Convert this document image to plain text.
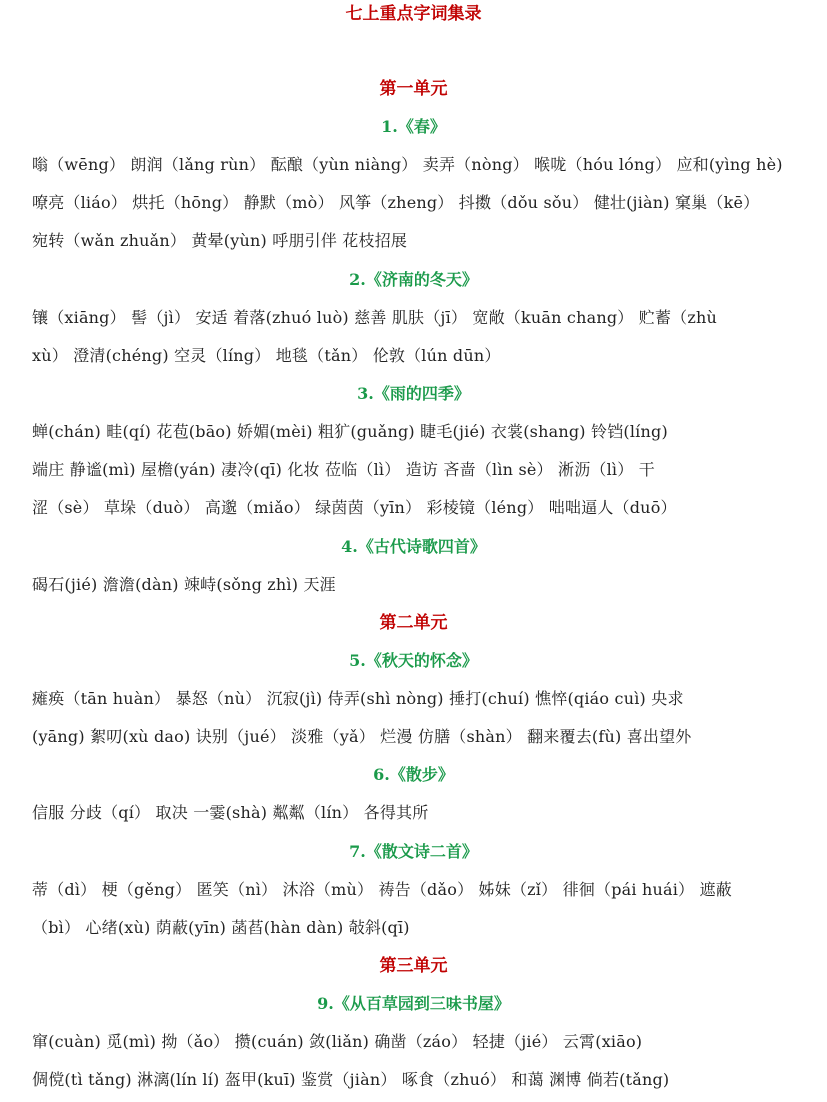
七上重点字词集录
第一单元
1.《春》
嗡（wēng） 朗润（lǎng rùn） 酝酿（yùn niàng） 卖弄（nòng） 喉咙（hóu lóng） 应和(yìng hè)
嘹亮（liáo） 烘托（hōng） 静默（mò） 风筝（zheng） 抖擞（dǒu sǒu） 健壮(jiàn) 窠巢（kē）
宛转（wǎn zhuǎn） 黄晕(yùn) 呼朋引伴 花枝招展
2.《济南的冬天》
镶（xiāng） 髻（jì） 安适 着落(zhuó luò) 慈善 肌肤（jī） 宽敞（kuān chang） 贮蓄（zhù
xù） 澄清(chéng) 空灵（líng） 地毯（tǎn） 伦敦（lún dūn）
3.《雨的四季》
蝉(chán) 畦(qí) 花苞(bāo) 娇媚(mèi) 粗犷(guǎng) 睫毛(jié) 衣裳(shang) 铃铛(líng)
端庄 静谧(mì) 屋檐(yán) 凄冷(qī) 化妆 莅临（lì） 造访 吝啬（lìn sè） 淅沥（lì） 干
涩（sè） 草垛（duò） 高邈（miǎo） 绿茵茵（yīn） 彩棱镜（léng） 咄咄逼人（duō）
4.《古代诗歌四首》
碣石(jié) 澹澹(dàn) 竦峙(sǒng zhì) 天涯
第二单元
5.《秋天的怀念》
瘫痪（tān huàn） 暴怒（nù） 沉寂(jì) 侍弄(shì nòng) 捶打(chuí) 憔悴(qiáo cuì) 央求
(yāng) 絮叨(xù dao) 诀别（jué） 淡雅（yǎ） 烂漫 仿膳（shàn） 翻来覆去(fù) 喜出望外
6.《散步》
信服 分歧（qí） 取决 一霎(shà) 粼粼（lín） 各得其所
7.《散文诗二首》
蒂（dì） 梗（gěng） 匿笑（nì） 沐浴（mù） 祷告（dǎo） 姊妹（zǐ） 徘徊（pái huái） 遮蔽
（bì） 心绪(xù) 荫蔽(yīn) 菡萏(hàn dàn) 敧斜(qī)
第三单元
9.《从百草园到三味书屋》
窜(cuàn) 觅(mì) 拗（ǎo） 攒(cuán) 敛(liǎn) 确凿（záo） 轻捷（jié） 云霄(xiāo)
倜傥(tì tǎng) 淋漓(lín lí) 盔甲(kuī) 鉴赏（jiàn） 啄食（zhuó） 和蔼 渊博 倘若(tǎng)
